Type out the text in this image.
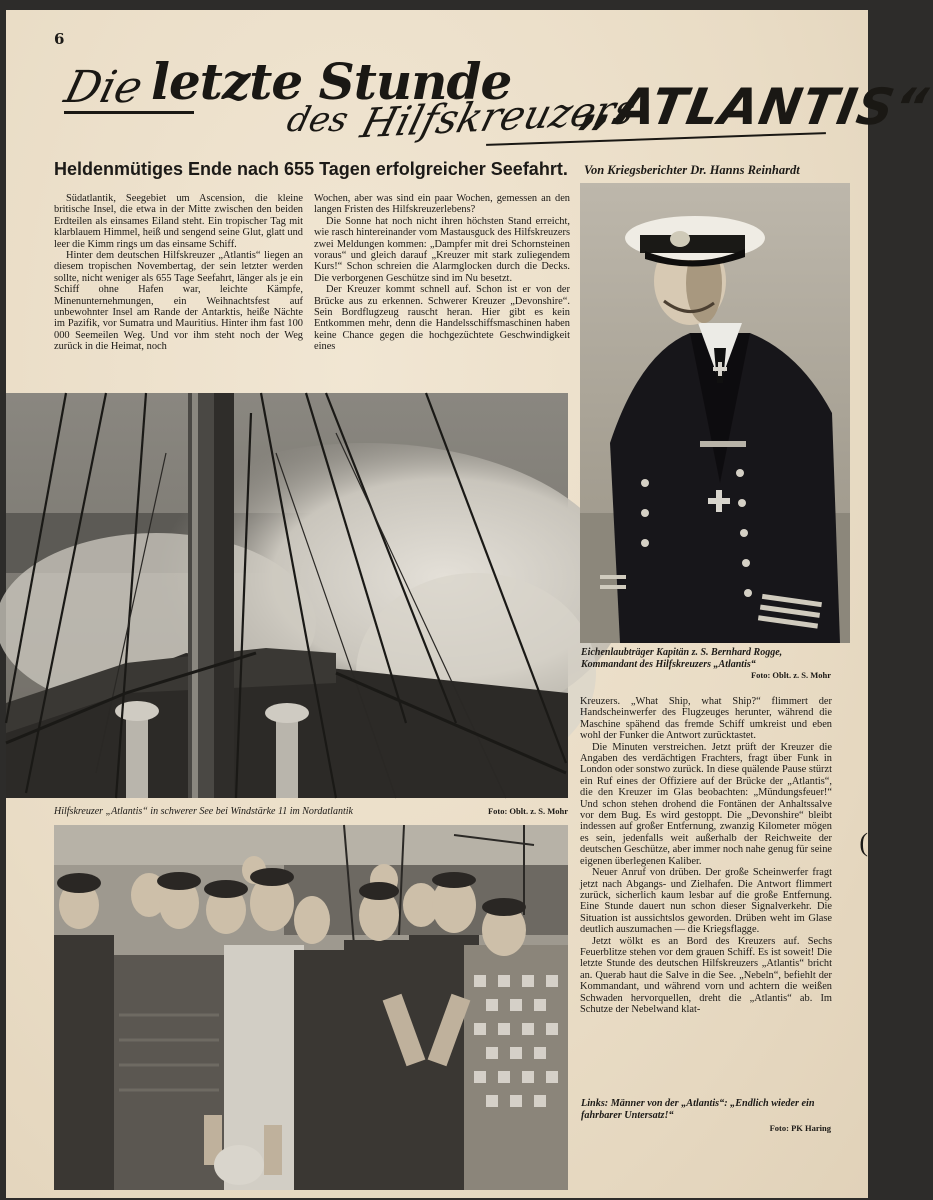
6
Die letzte Stunde
des Hilfskreuzers
„ATLANTIS“
Heldenmütiges Ende nach 655 Tagen erfolgreicher Seefahrt. Von Kriegsberichter Dr. Hanns Reinhardt

Südatlantik, Seegebiet um Ascension, die kleine britische Insel, die etwa in der Mitte zwischen den beiden Erdteilen als einsames Eiland steht. Ein tropischer Tag mit klarblauem Himmel, heiß und sengend seine Glut, glatt und leer die Kimm rings um das einsame Schiff.

Hinter dem deutschen Hilfskreuzer „Atlantis“ liegen an diesem tropischen Novembertag, der sein letzter werden sollte, nicht weniger als 655 Tage Seefahrt, länger als je ein Schiff ohne Hafen war, leichte Kämpfe, Minenunternehmungen, ein Weihnachtsfest auf unbewohnter Insel am Rande der Antarktis, heiße Nächte im Pazifik, vor Sumatra und Mauritius. Hinter ihm fast 100 000 Seemeilen Weg. Und vor ihm steht noch der Weg zurück in die Heimat, noch

Wochen, aber was sind ein paar Wochen, gemessen an den langen Fristen des Hilfskreuzerlebens?

Die Sonne hat noch nicht ihren höchsten Stand erreicht, wie rasch hintereinander vom Mastausguck des Hilfskreuzers zwei Meldungen kommen: „Dampfer mit drei Schornsteinen voraus“ und gleich darauf „Kreuzer mit stark zuliegendem Kurs!“ Schon schreien die Alarmglocken durch die Decks. Die verborgenen Geschütze sind im Nu besetzt.

Der Kreuzer kommt schnell auf. Schon ist er von der Brücke aus zu erkennen. Schwerer Kreuzer „Devonshire“. Sein Bordflugzeug rauscht heran. Hier gibt es kein Entkommen mehr, denn die Handelsschiffsmaschinen haben keine Chance gegen die hochgezüchtete Geschwindigkeit eines

Hilfskreuzer „Atlantis“ in schwerer See bei Windstärke 11 im Nordatlantik	Foto: Oblt. z. S. Mohr
Eichenlaubträger Kapitän z. S. Bernhard Rogge,
Kommandant des Hilfskreuzers „Atlantis“
Foto: Oblt. z. S. Mohr

Kreuzers. „What Ship, what Ship?“ flimmert der Handscheinwerfer des Flugzeuges herunter, während die Maschine spähend das fremde Schiff umkreist und eben wohl der Funker die Antwort zurücktastet.

Die Minuten verstreichen. Jetzt prüft der Kreuzer die Angaben des verdächtigen Frachters, fragt über Funk in London oder sonstwo zurück. In diese quälende Pause stürzt ein Ruf eines der Offiziere auf der Brücke der „Atlantis“, die den Kreuzer im Glas beobachten: „Mündungsfeuer!“ Und schon stehen drohend die Fontänen der Anhaltssalve vor dem Bug. Es wird gestoppt. Die „Devonshire“ bleibt indessen auf großer Entfernung, zwanzig Kilometer mögen es sein, jedenfalls weit außerhalb der Reichweite der deutschen Geschütze, aber immer noch nahe genug für seine eigenen überlegenen Kaliber.

Neuer Anruf von drüben. Der große Scheinwerfer fragt jetzt nach Abgangs- und Zielhafen. Die Antwort flimmert zurück, sicherlich kaum lesbar auf die große Entfernung. Eine Stunde dauert nun schon dieser Signalverkehr. Die Situation ist aussichtslos geworden. Drüben weht im Glase deutlich auszumachen — die Kriegsflagge.

Jetzt wölkt es an Bord des Kreuzers auf. Sechs Feuerblitze stehen vor dem grauen Schiff. Es ist soweit! Die letzte Stunde des deutschen Hilfskreuzers „Atlantis“ bricht an. Querab haut die Salve in die See. „Nebeln“, befiehlt der Kommandant, und während vorn und achtern die weißen Schwaden hervorquellen, dreht die „Atlantis“ ab. Im Schutze der Nebelwand klat-

Links: Männer von der „Atlantis“: „Endlich wieder ein fahrbarer Untersatz!“
Foto: PK Haring
(
